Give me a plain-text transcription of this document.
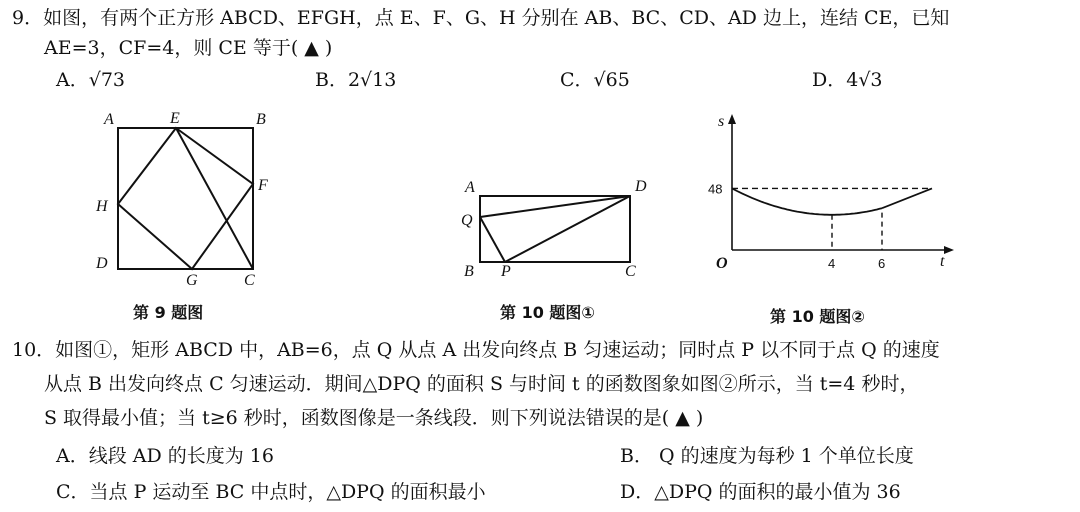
9．如图，有两个正方形 ABCD、EFGH，点 E、F、G、H 分别在 AB、BC、CD、AD 边上，连结 CE，已知
AE=3，CF=4，则 CE 等于( ▲ )
A．√73	B．2√13	C．√65	D．4√3
A	E	B
H
F
D
G	C
第 9 题图
A	D
Q
B P	C
第 10 题图①
t
s
O
48
4	6
第 10 题图②
10．如图①，矩形 ABCD 中，AB=6，点 Q 从点 A 出发向终点 B 匀速运动；同时点 P 以不同于点 Q 的速度
从点 B 出发向终点 C 匀速运动．期间△DPQ 的面积 S 与时间 t 的函数图象如图②所示，当 t=4 秒时，
S 取得最小值；当 t≥6 秒时，函数图像是一条线段．则下列说法错误的是( ▲ )
A．线段 AD 的长度为 16	B． Q 的速度为每秒 1 个单位长度
C．当点 P 运动至 BC 中点时，△DPQ 的面积最小	D．△DPQ 的面积的最小值为 36
